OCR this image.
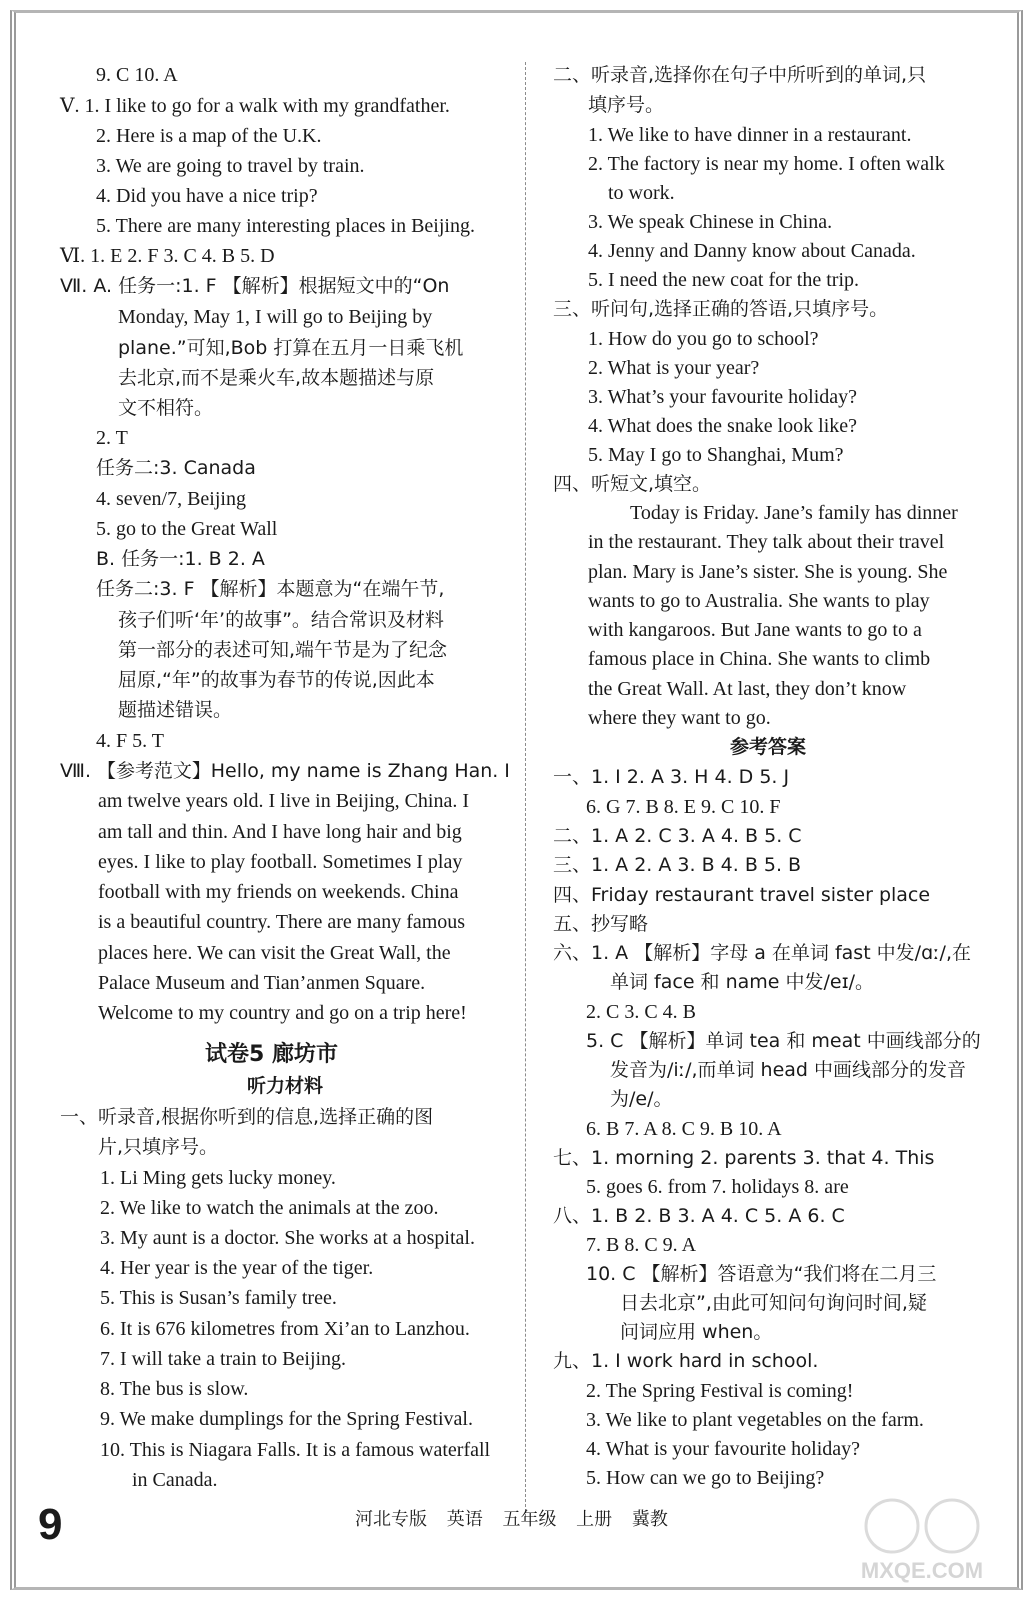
9. C 10. A
Ⅴ. 1. I like to go for a walk with my grandfather.
2. Here is a map of the U.K.
3. We are going to travel by train.
4. Did you have a nice trip?
5. There are many interesting places in Beijing.
Ⅵ. 1. E 2. F 3. C 4. B 5. D
Ⅶ. A. 任务一:1. F 【解析】根据短文中的“On
Monday, May 1, I will go to Beijing by
plane.”可知,Bob 打算在五月一日乘飞机
去北京,而不是乘火车,故本题描述与原
文不相符。
2. T
任务二:3. Canada
4. seven/7, Beijing
5. go to the Great Wall
B. 任务一:1. B 2. A
任务二:3. F 【解析】本题意为“在端午节,
孩子们听‘年’的故事”。结合常识及材料
第一部分的表述可知,端午节是为了纪念
屈原,“年”的故事为春节的传说,因此本
题描述错误。
4. F 5. T
Ⅷ. 【参考范文】Hello, my name is Zhang Han. I
am twelve years old. I live in Beijing, China. I
am tall and thin. And I have long hair and big
eyes. I like to play football. Sometimes I play
football with my friends on weekends. China
is a beautiful country. There are many famous
places here. We can visit the Great Wall, the
Palace Museum and Tian’anmen Square.
Welcome to my country and go on a trip here!
试卷5 廊坊市
听力材料
一、听录音,根据你听到的信息,选择正确的图
片,只填序号。
1. Li Ming gets lucky money.
2. We like to watch the animals at the zoo.
3. My aunt is a doctor. She works at a hospital.
4. Her year is the year of the tiger.
5. This is Susan’s family tree.
6. It is 676 kilometres from Xi’an to Lanzhou.
7. I will take a train to Beijing.
8. The bus is slow.
9. We make dumplings for the Spring Festival.
10. This is Niagara Falls. It is a famous waterfall
in Canada.
二、听录音,选择你在句子中所听到的单词,只
填序号。
1. We like to have dinner in a restaurant.
2. The factory is near my home. I often walk
to work.
3. We speak Chinese in China.
4. Jenny and Danny know about Canada.
5. I need the new coat for the trip.
三、听问句,选择正确的答语,只填序号。
1. How do you go to school?
2. What is your year?
3. What’s your favourite holiday?
4. What does the snake look like?
5. May I go to Shanghai, Mum?
四、听短文,填空。
Today is Friday. Jane’s family has dinner
in the restaurant. They talk about their travel
plan. Mary is Jane’s sister. She is young. She
wants to go to Australia. She wants to play
with kangaroos. But Jane wants to go to a
famous place in China. She wants to climb
the Great Wall. At last, they don’t know
where they want to go.
参考答案
一、1. I 2. A 3. H 4. D 5. J
6. G 7. B 8. E 9. C 10. F
二、1. A 2. C 3. A 4. B 5. C
三、1. A 2. A 3. B 4. B 5. B
四、Friday restaurant travel sister place
五、抄写略
六、1. A 【解析】字母 a 在单词 fast 中发/ɑː/,在
单词 face 和 name 中发/eɪ/。
2. C 3. C 4. B
5. C 【解析】单词 tea 和 meat 中画线部分的
发音为/iː/,而单词 head 中画线部分的发音
为/e/。
6. B 7. A 8. C 9. B 10. A
七、1. morning 2. parents 3. that 4. This
5. goes 6. from 7. holidays 8. are
八、1. B 2. B 3. A 4. C 5. A 6. C
7. B 8. C 9. A
10. C 【解析】答语意为“我们将在二月三
日去北京”,由此可知问句询问时间,疑
问词应用 when。
九、1. I work hard in school.
2. The Spring Festival is coming!
3. We like to plant vegetables on the farm.
4. What is your favourite holiday?
5. How can we go to Beijing?
9	河北专版 英语 五年级 上册 冀教
MXQE.COM
